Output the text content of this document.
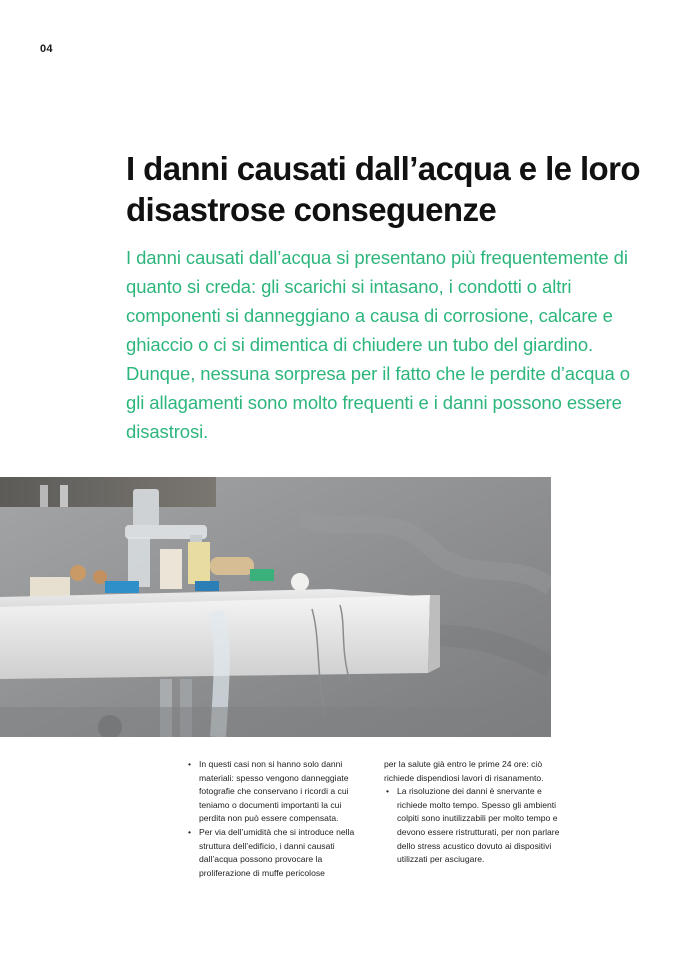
04
I danni causati dall’acqua e le loro disastrose conseguenze

I danni causati dall’acqua si presentano più frequentemente di quanto si creda: gli scarichi si intasano, i condotti o altri componenti si danneggiano a causa di corrosione, calcare e ghiaccio o ci si dimentica di chiudere un tubo del giardino. Dunque, nessuna sorpresa per il fatto che le perdite d’acqua o gli allagamenti sono molto frequenti e i danni possono essere disastrosi.

• In questi casi non si hanno solo danni materiali: spesso vengono danneggiate fotografie che conservano i ricordi a cui teniamo o documenti importanti la cui perdita non può essere compensata.
• Per via dell’umidità che si introduce nella struttura dell’edificio, i danni causati dall’acqua possono provocare la proliferazione di muffe pericolose

per la salute già entro le prime 24 ore: ciò richiede dispendiosi lavori di risanamento.

• La risoluzione dei danni è snervante e richiede molto tempo. Spesso gli ambienti colpiti sono inutilizzabili per molto tempo e devono essere ristrutturati, per non parlare dello stress acustico dovuto ai dispositivi utilizzati per asciugare.
